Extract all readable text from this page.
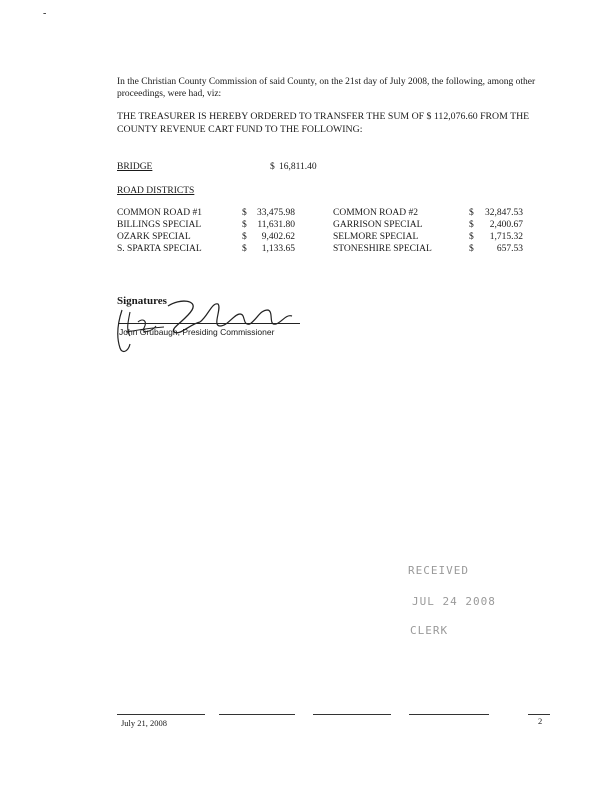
-
In the Christian County Commission of said County, on the 21st day of July 2008, the following, among other proceedings, were had, viz:
THE TREASURER IS HEREBY ORDERED TO TRANSFER THE SUM OF $ 112,076.60 FROM THE COUNTY REVENUE CART FUND TO THE FOLLOWING:
BRIDGE	$ 16,811.40
ROAD DISTRICTS
COMMON ROAD #1	$	33,475.98	COMMON ROAD #2	$	32,847.53
BILLINGS SPECIAL	$	11,631.80	GARRISON SPECIAL	$	2,400.67
OZARK SPECIAL	$	9,402.62	SELMORE SPECIAL	$	1,715.32
S. SPARTA SPECIAL	$	1,133.65	STONESHIRE SPECIAL	$	657.53
Signatures
John Grubaugh, Presiding Commissioner
RECEIVED
JUL 24 2008
CLERK
July 21, 2008	2
